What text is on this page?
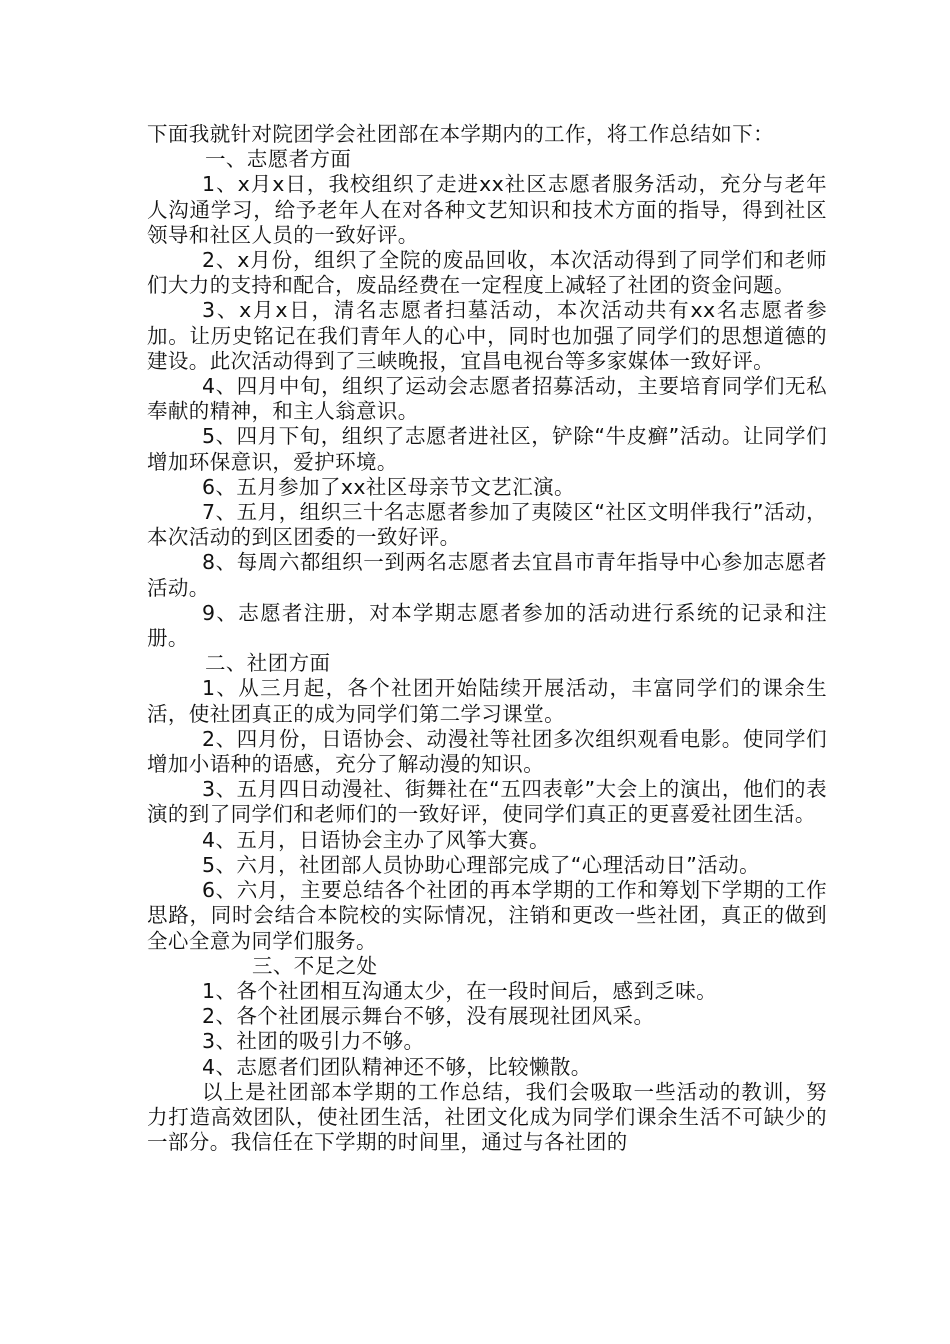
下面我就针对院团学会社团部在本学期内的工作，将工作总结如下：

一、志愿者方面

1、x月x日，我校组织了走进xx社区志愿者服务活动，充分与老年人沟通学习，给予老年人在对各种文艺知识和技术方面的指导，得到社区领导和社区人员的一致好评。

2、x月份，组织了全院的废品回收，本次活动得到了同学们和老师们大力的支持和配合，废品经费在一定程度上减轻了社团的资金问题。

3、x月x日，清名志愿者扫墓活动，本次活动共有xx名志愿者参加。让历史铭记在我们青年人的心中，同时也加强了同学们的思想道德的建设。此次活动得到了三峡晚报，宜昌电视台等多家媒体一致好评。

4、四月中旬，组织了运动会志愿者招募活动，主要培育同学们无私奉献的精神，和主人翁意识。

5、四月下旬，组织了志愿者进社区，铲除“牛皮癣”活动。让同学们增加环保意识，爱护环境。

6、五月参加了xx社区母亲节文艺汇演。

7、五月，组织三十名志愿者参加了夷陵区“社区文明伴我行”活动，本次活动的到区团委的一致好评。

8、每周六都组织一到两名志愿者去宜昌市青年指导中心参加志愿者活动。

9、志愿者注册，对本学期志愿者参加的活动进行系统的记录和注册。

二、社团方面

1、从三月起，各个社团开始陆续开展活动，丰富同学们的课余生活，使社团真正的成为同学们第二学习课堂。

2、四月份，日语协会、动漫社等社团多次组织观看电影。使同学们增加小语种的语感，充分了解动漫的知识。

3、五月四日动漫社、街舞社在“五四表彰”大会上的演出，他们的表演的到了同学们和老师们的一致好评，使同学们真正的更喜爱社团生活。

4、五月，日语协会主办了风筝大赛。

5、六月，社团部人员协助心理部完成了“心理活动日”活动。

6、六月，主要总结各个社团的再本学期的工作和筹划下学期的工作思路，同时会结合本院校的实际情况，注销和更改一些社团，真正的做到全心全意为同学们服务。

三、不足之处

1、各个社团相互沟通太少，在一段时间后，感到乏味。

2、各个社团展示舞台不够，没有展现社团风采。

3、社团的吸引力不够。

4、志愿者们团队精神还不够，比较懒散。

以上是社团部本学期的工作总结，我们会吸取一些活动的教训，努力打造高效团队，使社团生活，社团文化成为同学们课余生活不可缺少的一部分。我信任在下学期的时间里，通过与各社团的
